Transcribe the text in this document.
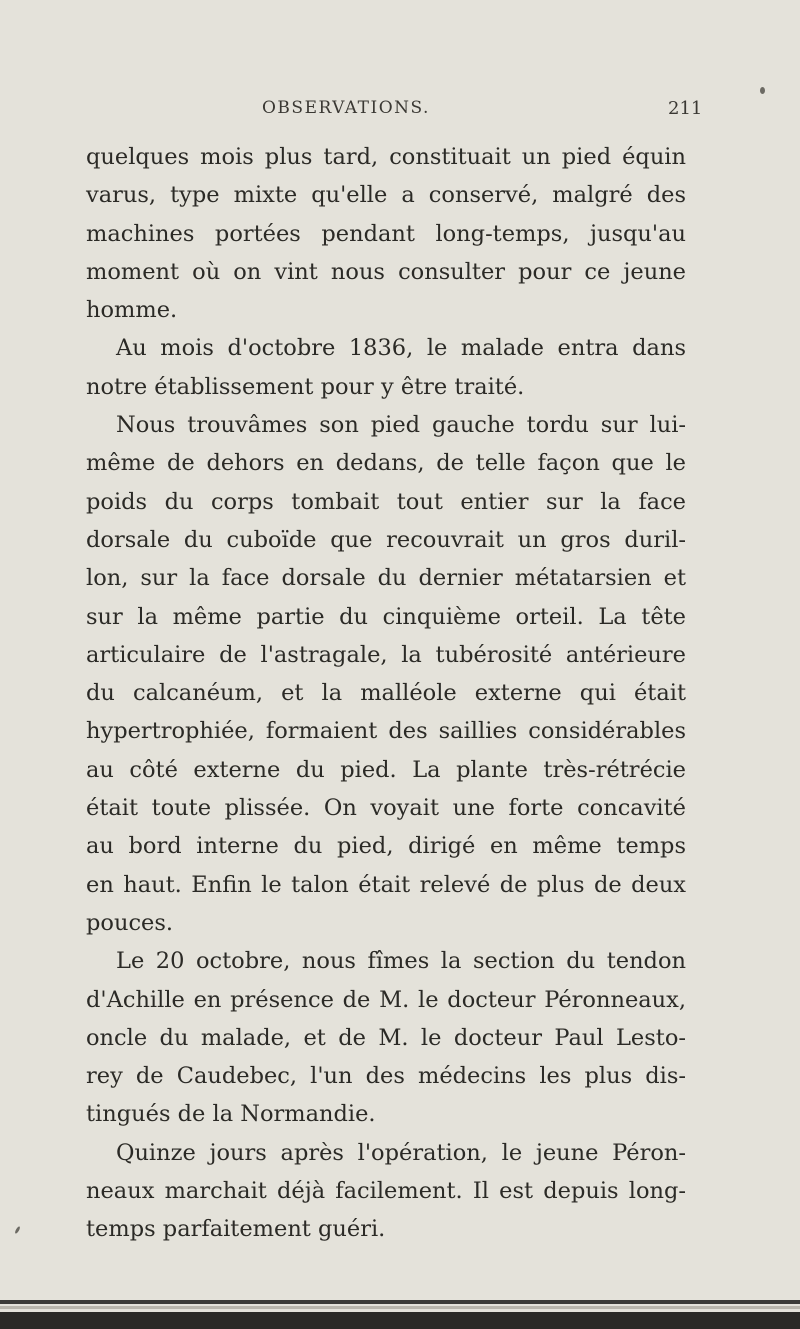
OBSERVATIONS.	211
quelques mois plus tard, constituait un pied équin
varus, type mixte qu'elle a conservé, malgré des
machines portées pendant long-temps, jusqu'au
moment où on vint nous consulter pour ce jeune
homme.
Au mois d'octobre 1836, le malade entra dans
notre établissement pour y être traité.
Nous trouvâmes son pied gauche tordu sur lui-
même de dehors en dedans, de telle façon que le
poids du corps tombait tout entier sur la face
dorsale du cuboïde que recouvrait un gros duril-
lon, sur la face dorsale du dernier métatarsien et
sur la même partie du cinquième orteil. La tête
articulaire de l'astragale, la tubérosité antérieure
du calcanéum, et la malléole externe qui était
hypertrophiée, formaient des saillies considérables
au côté externe du pied. La plante très-rétrécie
était toute plissée. On voyait une forte concavité
au bord interne du pied, dirigé en même temps
en haut. Enfin le talon était relevé de plus de deux
pouces.
Le 20 octobre, nous fîmes la section du tendon
d'Achille en présence de M. le docteur Péronneaux,
oncle du malade, et de M. le docteur Paul Lesto-
rey de Caudebec, l'un des médecins les plus dis-
tingués de la Normandie.
Quinze jours après l'opération, le jeune Péron-
neaux marchait déjà facilement. Il est depuis long-
temps parfaitement guéri.
